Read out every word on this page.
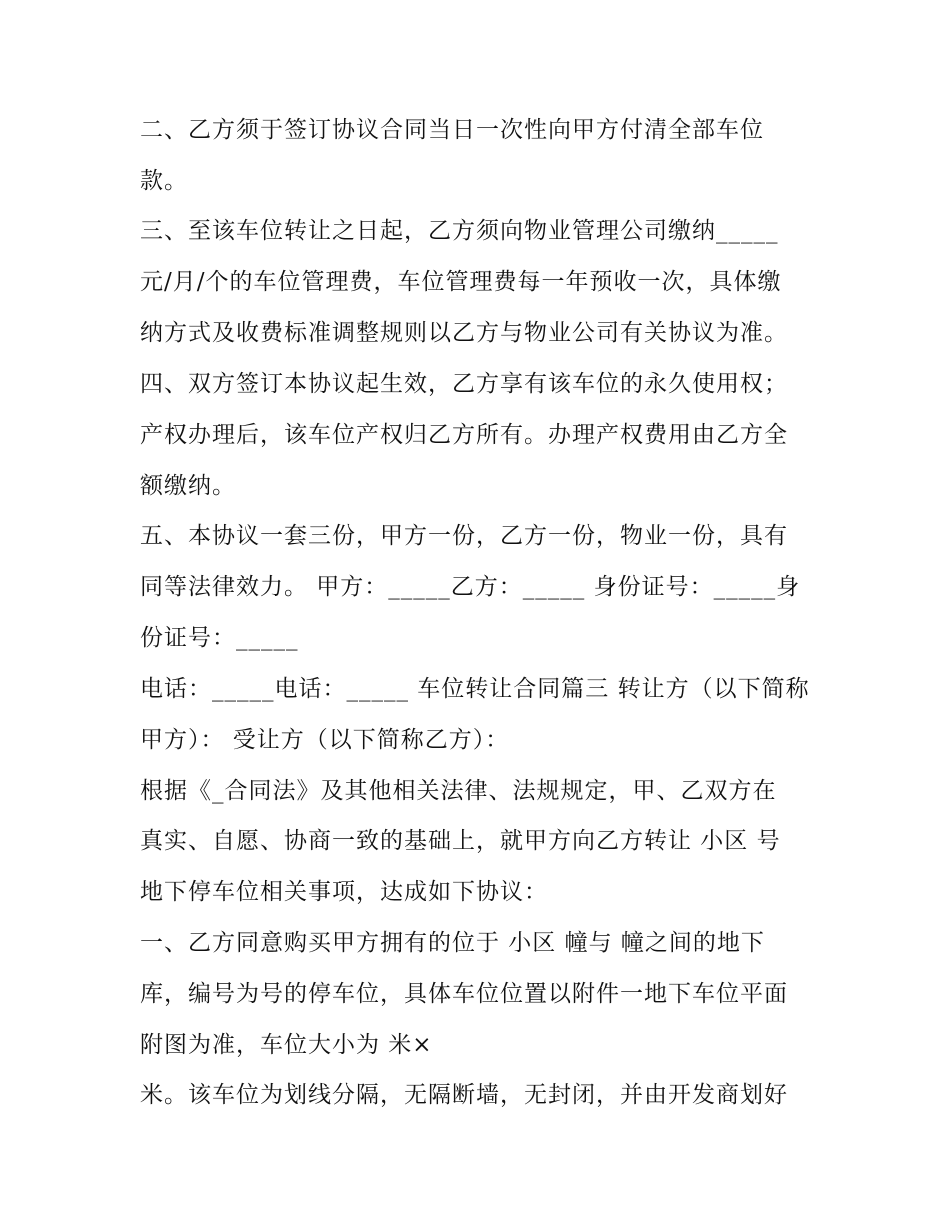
二、乙方须于签订协议合同当日一次性向甲方付清全部车位
款。
三、至该车位转让之日起，乙方须向物业管理公司缴纳_____
元/月/个的车位管理费，车位管理费每一年预收一次，具体缴
纳方式及收费标准调整规则以乙方与物业公司有关协议为准。
四、双方签订本协议起生效，乙方享有该车位的永久使用权；
产权办理后，该车位产权归乙方所有。办理产权费用由乙方全
额缴纳。
五、本协议一套三份，甲方一份，乙方一份，物业一份，具有
同等法律效力。 甲方：_____乙方：_____ 身份证号：_____身
份证号：_____
电话：_____电话：_____ 车位转让合同篇三 转让方（以下简称
甲方）： 受让方（以下简称乙方）：
根据《_合同法》及其他相关法律、法规规定，甲、乙双方在
真实、自愿、协商一致的基础上，就甲方向乙方转让 小区 号
地下停车位相关事项，达成如下协议：
一、乙方同意购买甲方拥有的位于 小区 幢与 幢之间的地下
库，编号为号的停车位，具体车位位置以附件一地下车位平面
附图为准，车位大小为 米×
米。该车位为划线分隔，无隔断墙，无封闭，并由开发商划好
